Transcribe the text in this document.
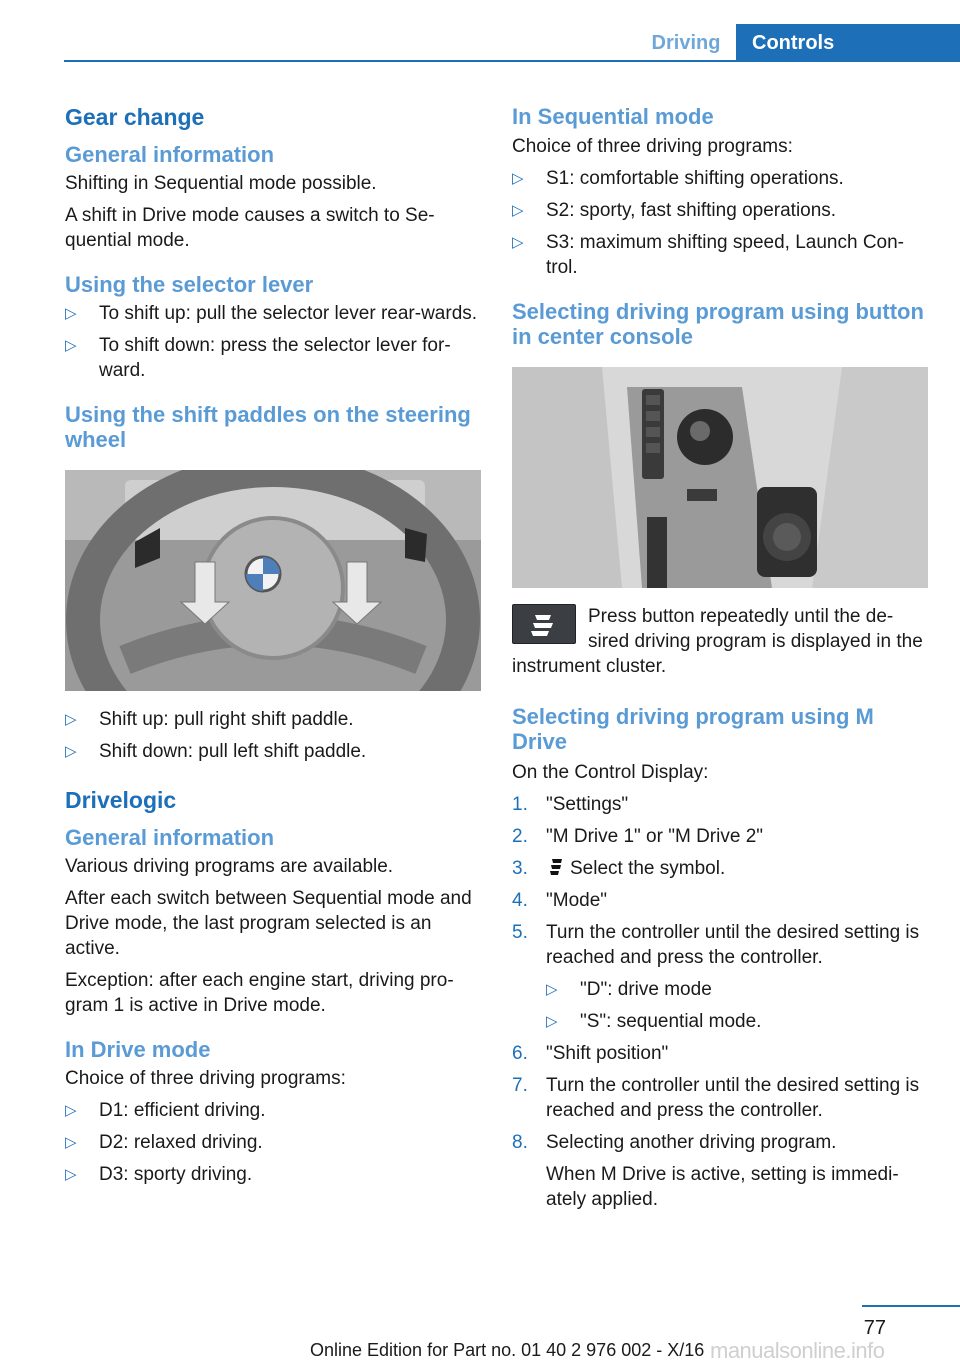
Driving	Controls
Gear change
General information

Shifting in Sequential mode possible.

A shift in Drive mode causes a switch to Se‐quential mode.

Using the selector lever
▷ To shift up: pull the selector lever rear‐wards.
▷ To shift down: press the selector lever for‐ward.
Using the shift paddles on the steering wheel
▷ Shift up: pull right shift paddle.
▷ Shift down: pull left shift paddle.
Drivelogic
General information

Various driving programs are available.

After each switch between Sequential mode and Drive mode, the last program selected is an active.

Exception: after each engine start, driving pro‐gram 1 is active in Drive mode.

In Drive mode

Choice of three driving programs:

▷ D1: efficient driving.
▷ D2: relaxed driving.
▷ D3: sporty driving.
In Sequential mode

Choice of three driving programs:

▷ S1: comfortable shifting operations.
▷ S2: sporty, fast shifting operations.
▷ S3: maximum shifting speed, Launch Con‐trol.
Selecting driving program using button in center console

Press button repeatedly until the de‐sired driving program is displayed in the instrument cluster.

Selecting driving program using M Drive

On the Control Display:

1. "Settings"
2. "M Drive 1" or "M Drive 2"
3. Select the symbol.
4. "Mode"
5. Turn the controller until the desired setting is reached and press the controller.
▷ "D": drive mode
▷ "S": sequential mode.
6. "Shift position"
7. Turn the controller until the desired setting is reached and press the controller.
8. Selecting another driving program.
When M Drive is active, setting is immedi‐ately applied.
77
manualsonline.info
Online Edition for Part no. 01 40 2 976 002 - X/16
